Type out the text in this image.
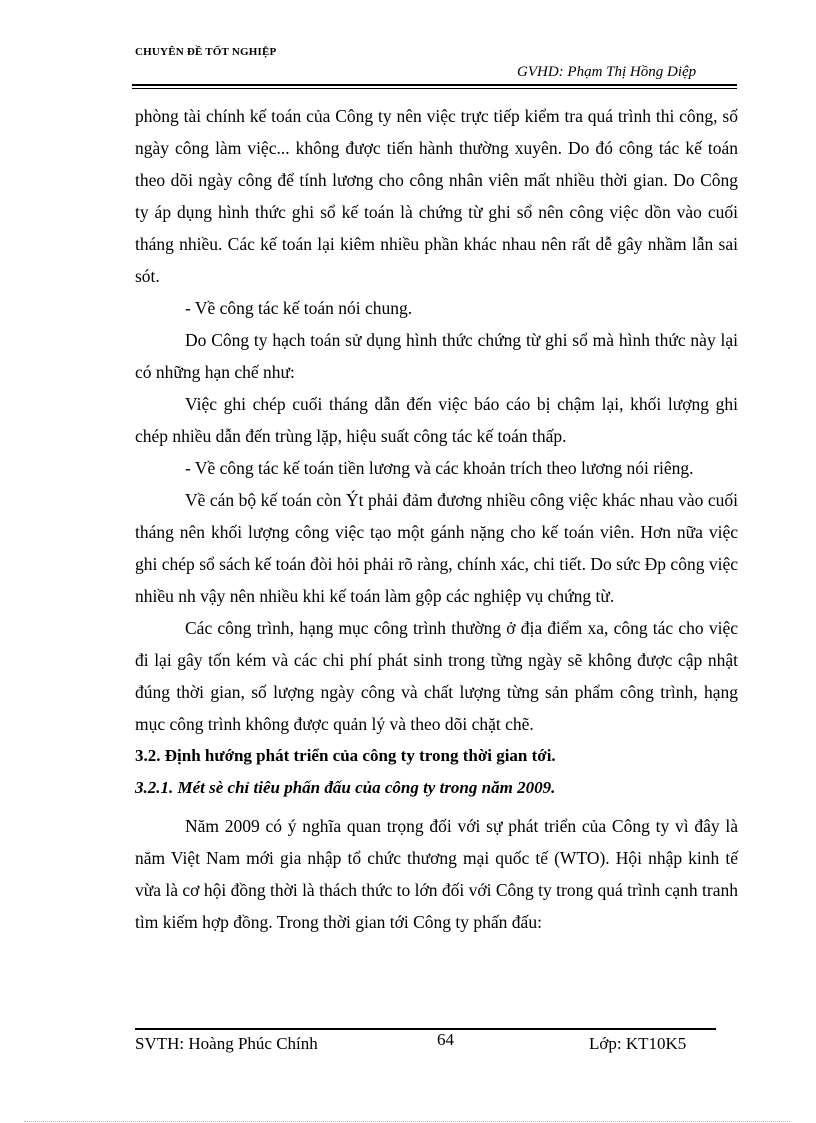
CHUYÊN ĐỀ TỐT NGHIỆP
GVHD: Phạm Thị Hồng Diệp

phòng tài chính kế toán của Công ty nên việc trực tiếp kiểm tra quá trình thi công, số ngày công làm việc... không được tiến hành thường xuyên. Do đó công tác kế toán theo dõi ngày công để tính lương cho công nhân viên mất nhiều thời gian. Do Công ty áp dụng hình thức ghi sổ kế toán là chứng từ ghi sổ nên công việc dồn vào cuối tháng nhiều. Các kế toán lại kiêm nhiều phần khác nhau nên rất dễ gây nhầm lẫn sai sót.

- Về công tác kế toán nói chung.

Do Công ty hạch toán sử dụng hình thức chứng từ ghi sổ mà hình thức này lại có những hạn chế như:

Việc ghi chép cuối tháng dẫn đến việc báo cáo bị chậm lại, khối lượng ghi chép nhiều dẫn đến trùng lặp, hiệu suất công tác kế toán thấp.

- Về công tác kế toán tiền lương và các khoản trích theo lương nói riêng.

Về cán bộ kế toán còn Ýt phải đảm đương nhiều công việc khác nhau vào cuối tháng nên khối lượng công việc tạo một gánh nặng cho kế toán viên. Hơn nữa việc ghi chép sổ sách kế toán đòi hỏi phải rõ ràng, chính xác, chi tiết. Do sức Ðp công việc nhiều nh vậy nên nhiều khi kế toán làm gộp các nghiệp vụ chứng từ.

Các công trình, hạng mục công trình thường ở địa điểm xa, công tác cho việc đi lại gây tốn kém và các chi phí phát sinh trong từng ngày sẽ không được cập nhật đúng thời gian, số lượng ngày công và chất lượng từng sản phẩm công trình, hạng mục công trình không được quản lý và theo dõi chặt chẽ.

3.2. Định hướng phát triển của công ty trong thời gian tới.

3.2.1. Mét sè chỉ tiêu phấn đấu của công ty trong năm 2009.

Năm 2009 có ý nghĩa quan trọng đối với sự phát triển của Công ty vì đây là năm Việt Nam mới gia nhập tổ chức thương mại quốc tế (WTO). Hội nhập kinh tế vừa là cơ hội đồng thời là thách thức to lớn đối với Công ty trong quá trình cạnh tranh tìm kiếm hợp đồng. Trong thời gian tới Công ty phấn đấu:

SVTH: Hoàng Phúc Chính	64	Lớp: KT10K5
